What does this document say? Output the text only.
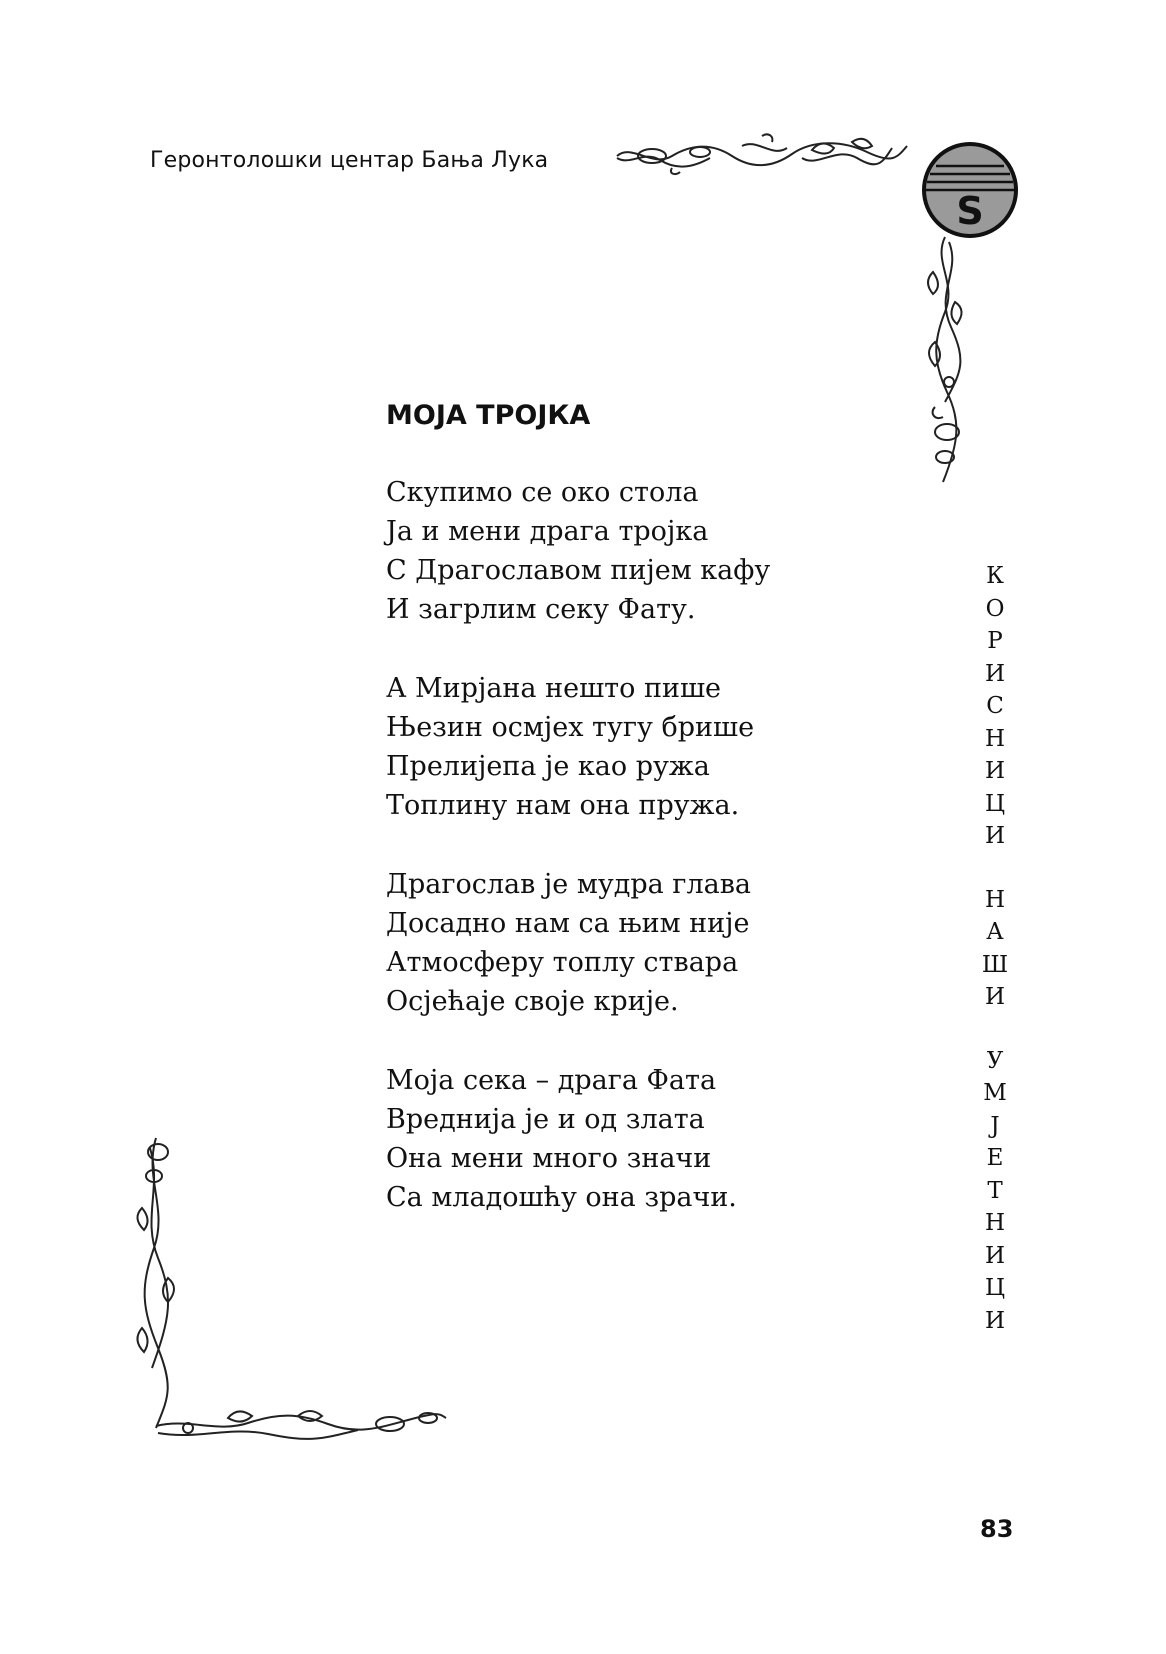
Геронтолошки центар Бања Лука
S
МОЈА ТРОЈКА
Скупимо се око стола
Ја и мени драга тројка
С Драгославом пијем кафу
И загрлим секу Фату.
А Мирјана нешто пише
Њезин осмјех тугу брише
Прелијепа је као ружа
Топлину нам она пружа.
Драгослав је мудра глава
Досадно нам са њим није
Атмосферу топлу ствара
Осјећаје своје крије.
Моја сека – драга Фата
Вреднија је и од злата
Она мени много значи
Са младошћу она зрачи.
К
О
Р
И
С
Н
И
Ц
И
Н
А
Ш
И
У
М
Ј
Е
Т
Н
И
Ц
И
83
